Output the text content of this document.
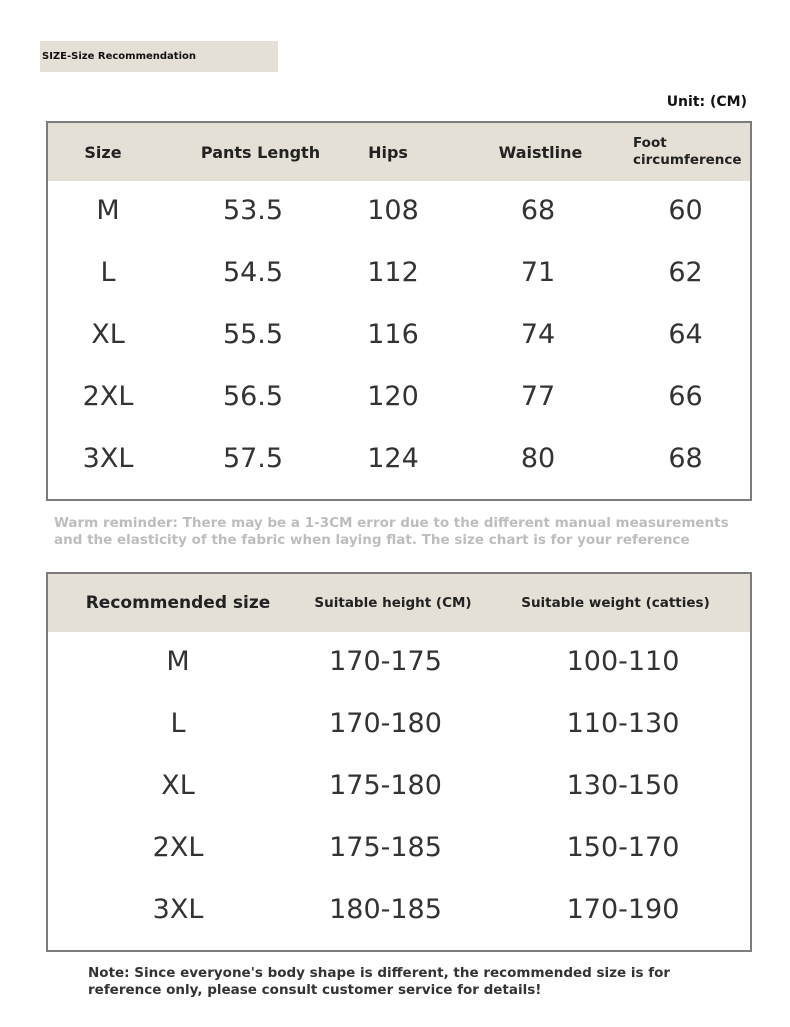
SIZE-Size Recommendation
Unit: (CM)
Size	Pants Length	Hips	Waistline	Foot circumference
M	53.5	108	68	60
L	54.5	112	71	62
XL	55.5	116	74	64
2XL	56.5	120	77	66
3XL	57.5	124	80	68
Warm reminder: There may be a 1-3CM error due to the different manual measurements and the elasticity of the fabric when laying flat. The size chart is for your reference
Recommended size	Suitable height (CM)	Suitable weight (catties)
M	170-175	100-110
L	170-180	110-130
XL	175-180	130-150
2XL	175-185	150-170
3XL	180-185	170-190
Note: Since everyone's body shape is different, the recommended size is for reference only, please consult customer service for details!
